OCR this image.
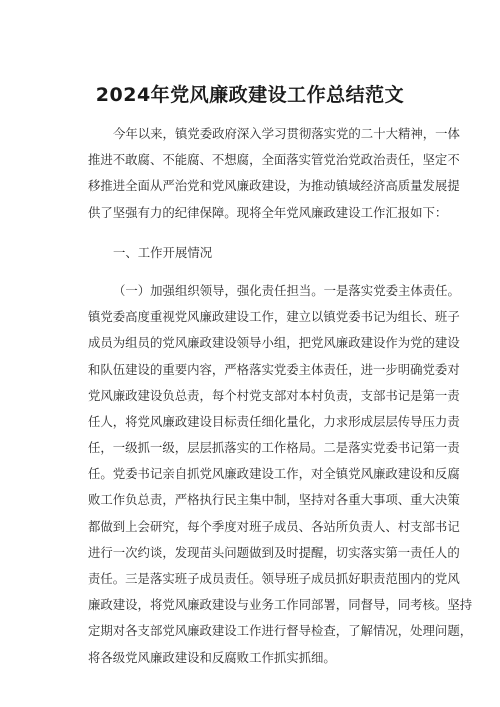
2024年党风廉政建设工作总结范文
今年以来，镇党委政府深入学习贯彻落实党的二十大精神，一体
推进不敢腐、不能腐、不想腐，全面落实管党治党政治责任，坚定不
移推进全面从严治党和党风廉政建设，为推动镇域经济高质量发展提
供了坚强有力的纪律保障。现将全年党风廉政建设工作汇报如下：
一、工作开展情况
（一）加强组织领导，强化责任担当。一是落实党委主体责任。
镇党委高度重视党风廉政建设工作，建立以镇党委书记为组长、班子
成员为组员的党风廉政建设领导小组，把党风廉政建设作为党的建设
和队伍建设的重要内容，严格落实党委主体责任，进一步明确党委对
党风廉政建设负总责，每个村党支部对本村负责，支部书记是第一责
任人，将党风廉政建设目标责任细化量化，力求形成层层传导压力责
任，一级抓一级，层层抓落实的工作格局。二是落实党委书记第一责
任。党委书记亲自抓党风廉政建设工作，对全镇党风廉政建设和反腐
败工作负总责，严格执行民主集中制，坚持对各重大事项、重大决策
都做到上会研究，每个季度对班子成员、各站所负责人、村支部书记
进行一次约谈，发现苗头问题做到及时提醒，切实落实第一责任人的
责任。三是落实班子成员责任。领导班子成员抓好职责范围内的党风
廉政建设，将党风廉政建设与业务工作同部署，同督导，同考核。坚持
定期对各支部党风廉政建设工作进行督导检查，了解情况，处理问题，
将各级党风廉政建设和反腐败工作抓实抓细。
